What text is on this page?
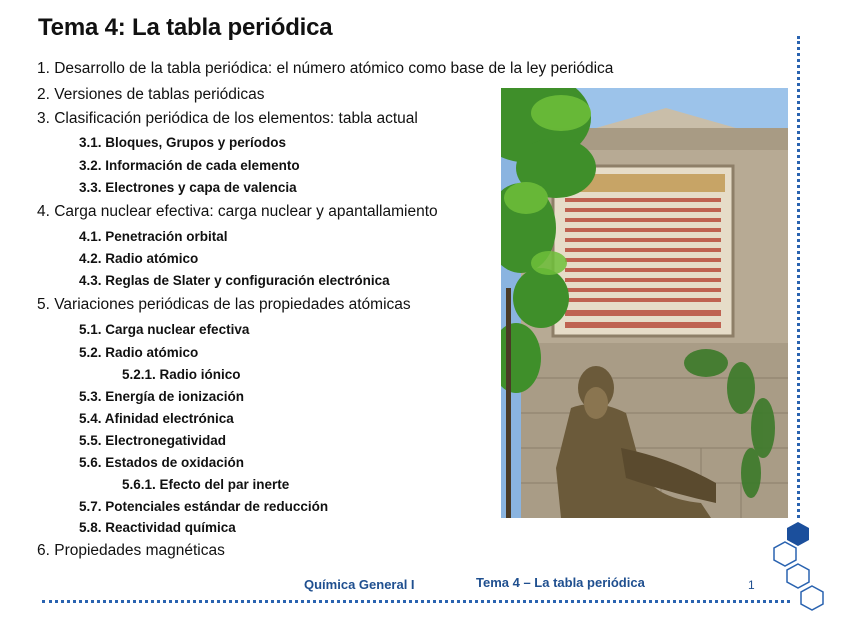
Tema 4: La tabla periódica
1. Desarrollo de la tabla periódica: el número atómico como base de la ley periódica
2. Versiones de tablas periódicas
3. Clasificación periódica de los elementos: tabla actual
3.1. Bloques, Grupos y períodos
3.2. Información de cada elemento
3.3. Electrones y capa de valencia
4. Carga nuclear efectiva: carga nuclear y apantallamiento
4.1. Penetración orbital
4.2. Radio atómico
4.3. Reglas de Slater y configuración electrónica
5. Variaciones periódicas de las propiedades atómicas
5.1. Carga nuclear efectiva
5.2. Radio atómico
5.2.1. Radio iónico
5.3. Energía de ionización
5.4. Afinidad electrónica
5.5. Electronegatividad
5.6. Estados de oxidación
5.6.1. Efecto del par inerte
5.7. Potenciales estándar de reducción
5.8. Reactividad química
6. Propiedades magnéticas
Química General I	Tema 4 – La tabla periódica	1
